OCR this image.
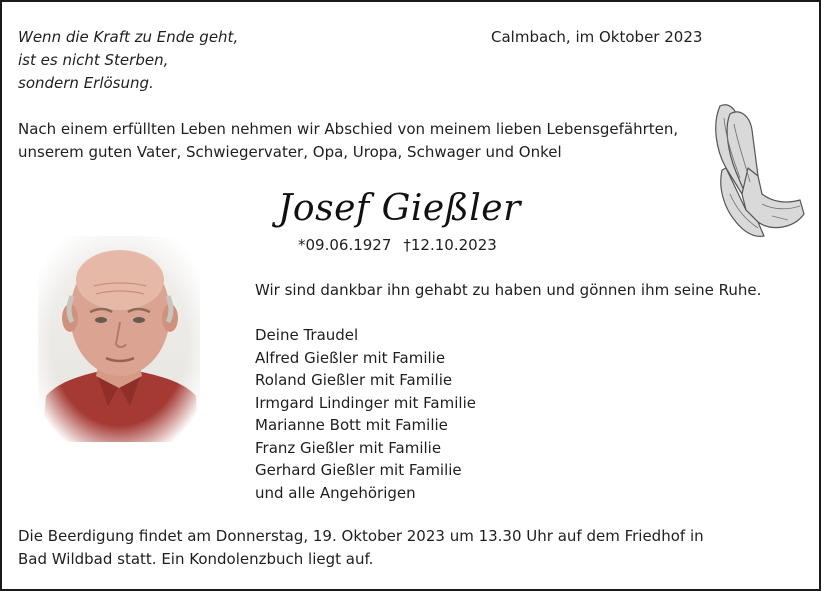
Wenn die Kraft zu Ende geht,
ist es nicht Sterben,
sondern Erlösung.
Calmbach, im Oktober 2023
Nach einem erfüllten Leben nehmen wir Abschied von meinem lieben Lebensgefährten,
unserem guten Vater, Schwiegervater, Opa, Uropa, Schwager und Onkel
Josef Gießler
*09.06.1927 †12.10.2023
Wir sind dankbar ihn gehabt zu haben und gönnen ihm seine Ruhe.
Deine Traudel
Alfred Gießler mit Familie
Roland Gießler mit Familie
Irmgard Lindinger mit Familie
Marianne Bott mit Familie
Franz Gießler mit Familie
Gerhard Gießler mit Familie
und alle Angehörigen
Die Beerdigung findet am Donnerstag, 19. Oktober 2023 um 13.30 Uhr auf dem Friedhof in
Bad Wildbad statt. Ein Kondolenzbuch liegt auf.
